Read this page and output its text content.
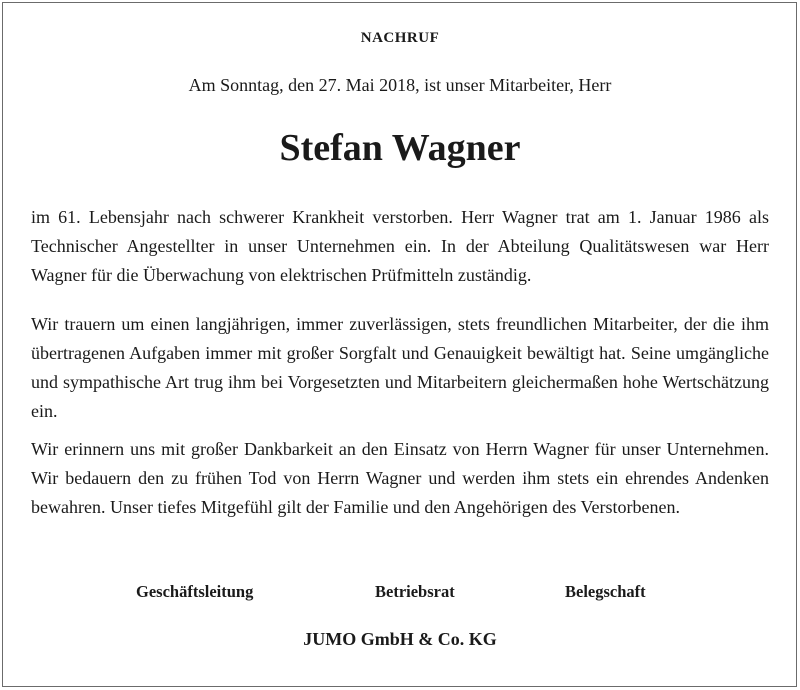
NACHRUF
Am Sonntag, den 27. Mai 2018, ist unser Mitarbeiter, Herr
Stefan Wagner

im 61. Lebensjahr nach schwerer Krankheit verstorben. Herr Wagner trat am 1. Januar 1986 als Technischer Angestellter in unser Unternehmen ein. In der Abteilung Qualitätswesen war Herr Wagner für die Überwachung von elektrischen Prüfmitteln zuständig.

Wir trauern um einen langjährigen, immer zuverlässigen, stets freundlichen Mitarbeiter, der die ihm übertragenen Aufgaben immer mit großer Sorgfalt und Genauigkeit bewältigt hat. Seine umgängliche und sympathische Art trug ihm bei Vorgesetzten und Mitarbeitern gleichermaßen hohe Wertschätzung ein.

Wir erinnern uns mit großer Dankbarkeit an den Einsatz von Herrn Wagner für unser Unternehmen. Wir bedauern den zu frühen Tod von Herrn Wagner und werden ihm stets ein ehrendes Andenken bewahren. Unser tiefes Mitgefühl gilt der Familie und den Angehörigen des Verstorbenen.

Geschäftsleitung	Betriebsrat	Belegschaft
JUMO GmbH & Co. KG
